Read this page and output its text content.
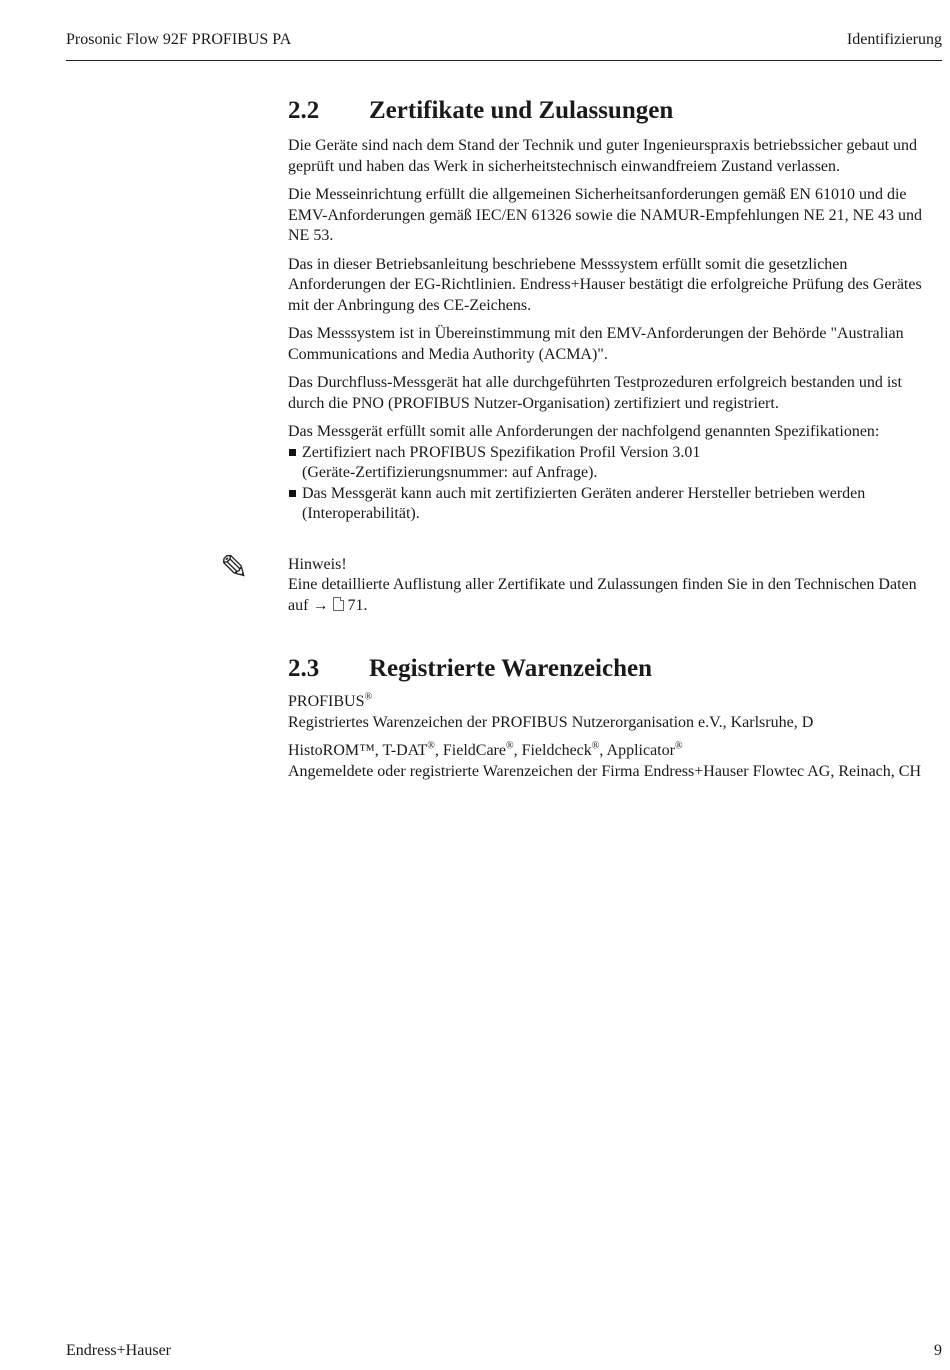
Prosonic Flow 92F PROFIBUS PA	Identifizierung
2.2	Zertifikate und Zulassungen

Die Geräte sind nach dem Stand der Technik und guter Ingenieurspraxis betriebssicher gebaut und geprüft und haben das Werk in sicherheitstechnisch einwandfreiem Zustand verlassen.

Die Messeinrichtung erfüllt die allgemeinen Sicherheitsanforderungen gemäß EN 61010 und die EMV-Anforderungen gemäß IEC/EN 61326 sowie die NAMUR-Empfehlungen NE 21, NE 43 und NE 53.

Das in dieser Betriebsanleitung beschriebene Messsystem erfüllt somit die gesetzlichen Anforderungen der EG-Richtlinien. Endress+Hauser bestätigt die erfolgreiche Prüfung des Gerätes mit der Anbringung des CE-Zeichens.

Das Messsystem ist in Übereinstimmung mit den EMV-Anforderungen der Behörde "Australian Communications and Media Authority (ACMA)".

Das Durchfluss-Messgerät hat alle durchgeführten Testprozeduren erfolgreich bestanden und ist durch die PNO (PROFIBUS Nutzer-Organisation) zertifiziert und registriert.

Das Messgerät erfüllt somit alle Anforderungen der nachfolgend genannten Spezifikationen:

Zertifiziert nach PROFIBUS Spezifikation Profil Version 3.01
(Geräte-Zertifizierungsnummer: auf Anfrage).
Das Messgerät kann auch mit zertifizierten Geräten anderer Hersteller betrieben werden
(Interoperabilität).
✎ Hinweis!
Eine detaillierte Auflistung aller Zertifikate und Zulassungen finden Sie in den Technischen Daten
auf → 71.
2.3	Registrierte Warenzeichen

PROFIBUS®
Registriertes Warenzeichen der PROFIBUS Nutzerorganisation e.V., Karlsruhe, D

HistoROM™, T-DAT®, FieldCare®, Fieldcheck®, Applicator®
Angemeldete oder registrierte Warenzeichen der Firma Endress+Hauser Flowtec AG, Reinach, CH

Endress+Hauser	9
